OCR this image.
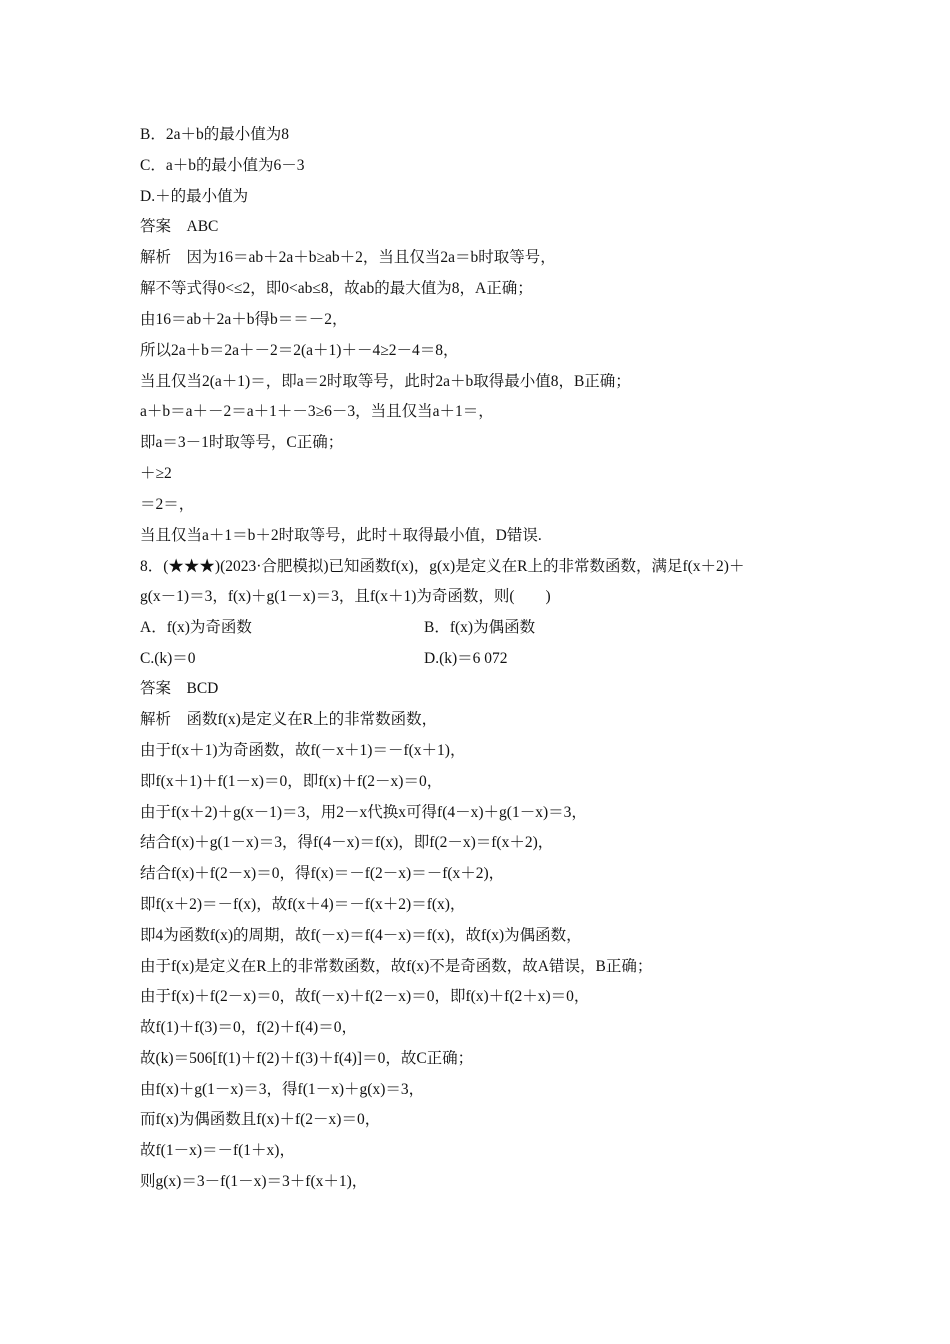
B．2a＋b的最小值为8
C．a＋b的最小值为6－3
D.＋的最小值为
答案　ABC
解析　因为16＝ab＋2a＋b≥ab＋2，当且仅当2a＝b时取等号，
解不等式得0<≤2，即0<ab≤8，故ab的最大值为8，A正确；
由16＝ab＋2a＋b得b＝＝－2，
所以2a＋b＝2a＋－2＝2(a＋1)＋－4≥2－4＝8，
当且仅当2(a＋1)＝，即a＝2时取等号，此时2a＋b取得最小值8，B正确；
a＋b＝a＋－2＝a＋1＋－3≥6－3，当且仅当a＋1＝，
即a＝3－1时取等号，C正确；
＋≥2
＝2＝，
当且仅当a＋1＝b＋2时取等号，此时＋取得最小值，D错误.
8．(★★★)(2023·合肥模拟)已知函数f(x)，g(x)是定义在R上的非常数函数，满足f(x＋2)＋
g(x－1)＝3，f(x)＋g(1－x)＝3，且f(x＋1)为奇函数，则(　　)
A．f(x)为奇函数	B．f(x)为偶函数
C.(k)＝0	D.(k)＝6 072
答案　BCD
解析　函数f(x)是定义在R上的非常数函数，
由于f(x＋1)为奇函数，故f(－x＋1)＝－f(x＋1)，
即f(x＋1)＋f(1－x)＝0，即f(x)＋f(2－x)＝0，
由于f(x＋2)＋g(x－1)＝3，用2－x代换x可得f(4－x)＋g(1－x)＝3，
结合f(x)＋g(1－x)＝3，得f(4－x)＝f(x)，即f(2－x)＝f(x＋2)，
结合f(x)＋f(2－x)＝0，得f(x)＝－f(2－x)＝－f(x＋2)，
即f(x＋2)＝－f(x)，故f(x＋4)＝－f(x＋2)＝f(x)，
即4为函数f(x)的周期，故f(－x)＝f(4－x)＝f(x)，故f(x)为偶函数，
由于f(x)是定义在R上的非常数函数，故f(x)不是奇函数，故A错误，B正确；
由于f(x)＋f(2－x)＝0，故f(－x)＋f(2－x)＝0，即f(x)＋f(2＋x)＝0，
故f(1)＋f(3)＝0，f(2)＋f(4)＝0，
故(k)＝506[f(1)＋f(2)＋f(3)＋f(4)]＝0，故C正确；
由f(x)＋g(1－x)＝3，得f(1－x)＋g(x)＝3，
而f(x)为偶函数且f(x)＋f(2－x)＝0，
故f(1－x)＝－f(1＋x)，
则g(x)＝3－f(1－x)＝3＋f(x＋1)，
